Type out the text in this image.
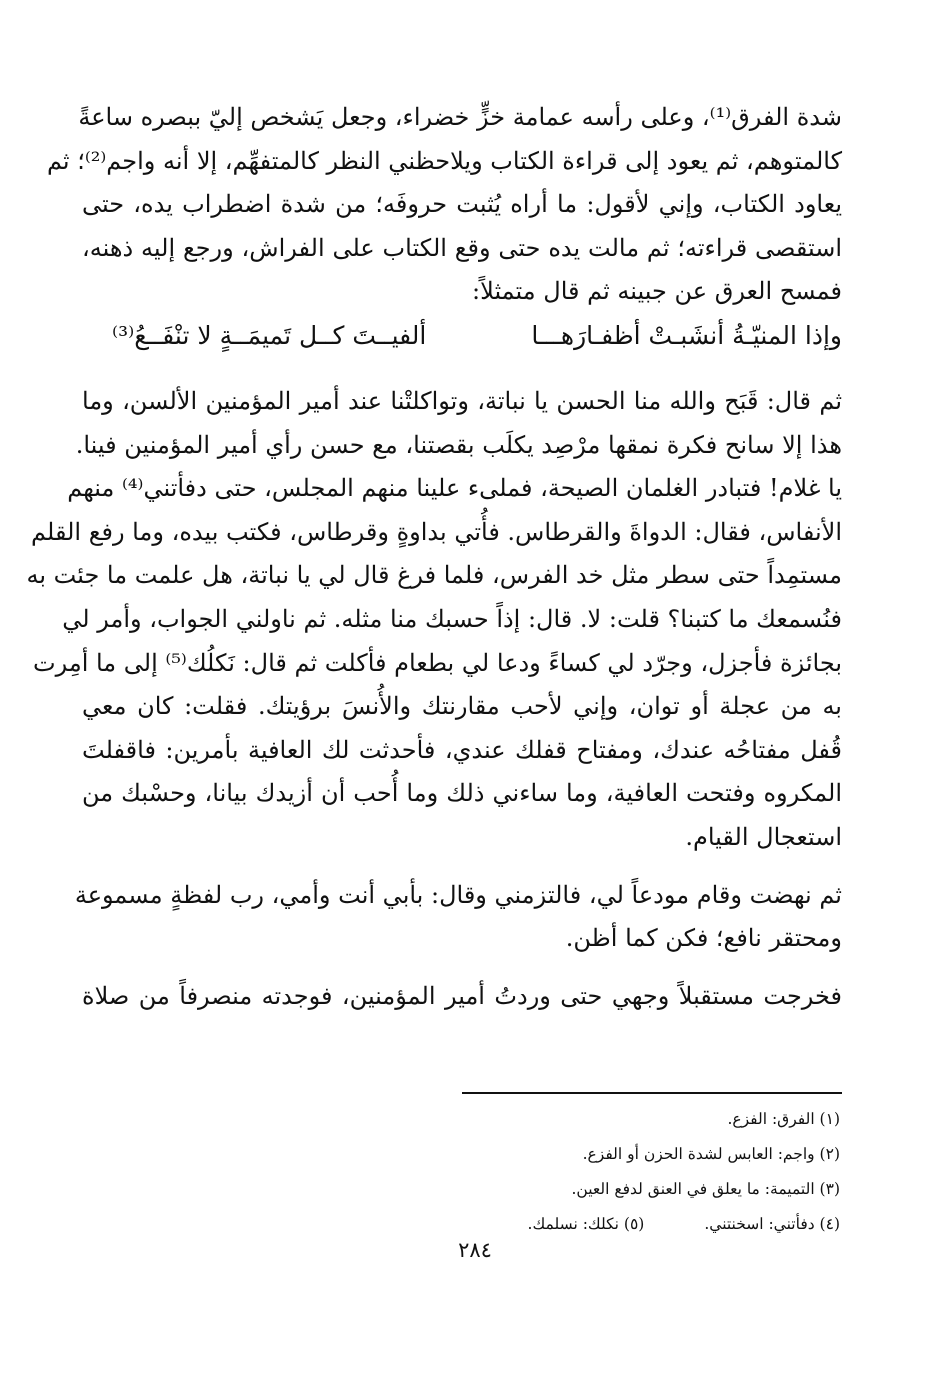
شدة الفرق⁽¹⁾، وعلى رأسه عمامة خزٍّ خضراء، وجعل يَشخص إليّ ببصره ساعةً
كالمتوهم، ثم يعود إلى قراءة الكتاب ويلاحظني النظر كالمتفهِّم، إلا أنه واجم⁽²⁾؛ ثم
يعاود الكتاب، وإني لأقول: ما أراه يُثبت حروفَه؛ من شدة اضطراب يده، حتى
استقصى قراءته؛ ثم مالت يده حتى وقع الكتاب على الفراش، ورجع إليه ذهنه،
فمسح العرق عن جبينه ثم قال متمثلاً:
وإذا المنيّـةُ أنشَبـتْ أظفـارَهـــا
ألفيــتَ كــل تَميمَــةٍ لا تنْفَــعُ⁽³⁾
ثم قال: قَبَح والله منا الحسن يا نباتة، وتواكلتْنا عند أمير المؤمنين الألسن، وما
هذا إلا سانح فكرة نمقها مرْصِد يكلَب بقصتنا، مع حسن رأي أمير المؤمنين فينا.
يا غلام! فتبادر الغلمان الصيحة، فملىء علينا منهم المجلس، حتى دفأتني⁽⁴⁾ منهم
الأنفاس، فقال: الدواةَ والقرطاس. فأُتي بداوةٍ وقرطاس، فكتب بيده، وما رفع القلم
مستمِداً حتى سطر مثل خد الفرس، فلما فرغ قال لي يا نباتة، هل علمت ما جئت به
فنُسمعك ما كتبنا؟ قلت: لا. قال: إذاً حسبك منا مثله. ثم ناولني الجواب، وأمر لي
بجائزة فأجزل، وجرّد لي كساءً ودعا لي بطعام فأكلت ثم قال: نَكلُك⁽⁵⁾ إلى ما أمِرت
به من عجلة أو توان، وإني لأحب مقارنتك والأُنسَ برؤيتك. فقلت: كان معي
قُفل مفتاحُه عندك، ومفتاح قفلك عندي، فأحدثت لك العافية بأمرين: فاقفلتَ
المكروه وفتحت العافية، وما ساءني ذلك وما أُحب أن أزيدك بيانا، وحسْبك من
استعجال القيام.
ثم نهضت وقام مودعاً لي، فالتزمني وقال: بأبي أنت وأمي، رب لفظةٍ مسموعة
ومحتقر نافع؛ فكن كما أظن.
فخرجت مستقبلاً وجهي حتى وردتُ أمير المؤمنين، فوجدته منصرفاً من صلاة
(١) الفرق: الفزع.
(٢) واجم: العابس لشدة الحزن أو الفزع.
(٣) التميمة: ما يعلق في العنق لدفع العين.
(٤) دفأتني: اسخنتني.
(٥) نكلك: نسلمك.
٢٨٤
